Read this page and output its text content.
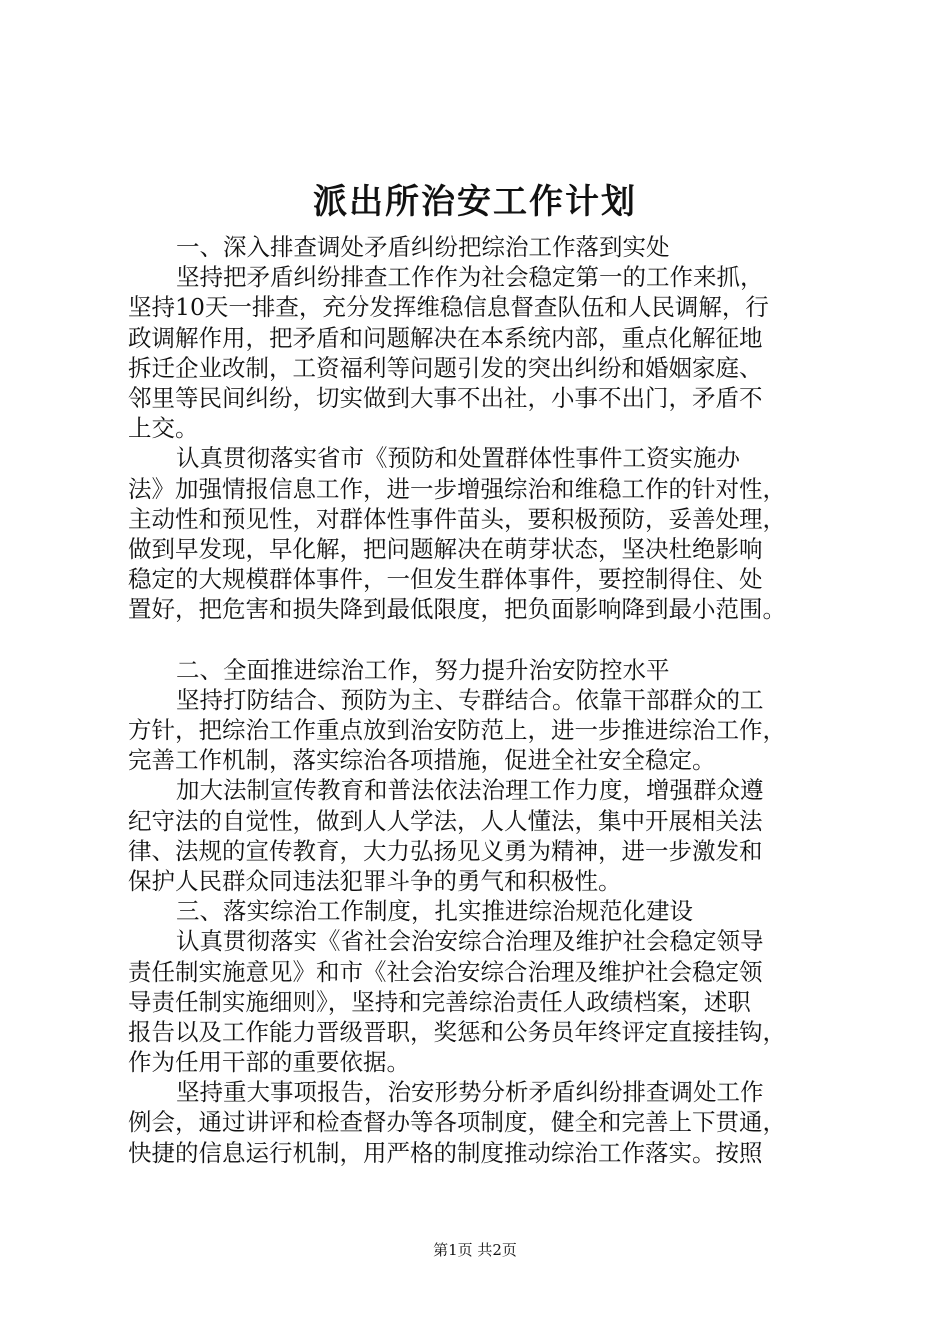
派出所治安工作计划
一、深入排查调处矛盾纠纷把综治工作落到实处
坚持把矛盾纠纷排查工作作为社会稳定第一的工作来抓，
坚持10天一排查，充分发挥维稳信息督查队伍和人民调解，行
政调解作用，把矛盾和问题解决在本系统内部，重点化解征地
拆迁企业改制，工资福利等问题引发的突出纠纷和婚姻家庭、
邻里等民间纠纷，切实做到大事不出社，小事不出门，矛盾不
上交。
认真贯彻落实省市《预防和处置群体性事件工资实施办
法》加强情报信息工作，进一步增强综治和维稳工作的针对性，
主动性和预见性，对群体性事件苗头，要积极预防，妥善处理，
做到早发现，早化解，把问题解决在萌芽状态，坚决杜绝影响
稳定的大规模群体事件，一但发生群体事件，要控制得住、处
置好，把危害和损失降到最低限度，把负面影响降到最小范围。
二、全面推进综治工作，努力提升治安防控水平
坚持打防结合、预防为主、专群结合。依靠干部群众的工
方针，把综治工作重点放到治安防范上，进一步推进综治工作，
完善工作机制，落实综治各项措施，促进全社安全稳定。
加大法制宣传教育和普法依法治理工作力度，增强群众遵
纪守法的自觉性，做到人人学法，人人懂法，集中开展相关法
律、法规的宣传教育，大力弘扬见义勇为精神，进一步激发和
保护人民群众同违法犯罪斗争的勇气和积极性。
三、落实综治工作制度，扎实推进综治规范化建设
认真贯彻落实《省社会治安综合治理及维护社会稳定领导
责任制实施意见》和市《社会治安综合治理及维护社会稳定领
导责任制实施细则》，坚持和完善综治责任人政绩档案，述职
报告以及工作能力晋级晋职，奖惩和公务员年终评定直接挂钩，
作为任用干部的重要依据。
坚持重大事项报告，治安形势分析矛盾纠纷排查调处工作
例会，通过讲评和检查督办等各项制度，健全和完善上下贯通，
快捷的信息运行机制，用严格的制度推动综治工作落实。按照
第1页 共2页
